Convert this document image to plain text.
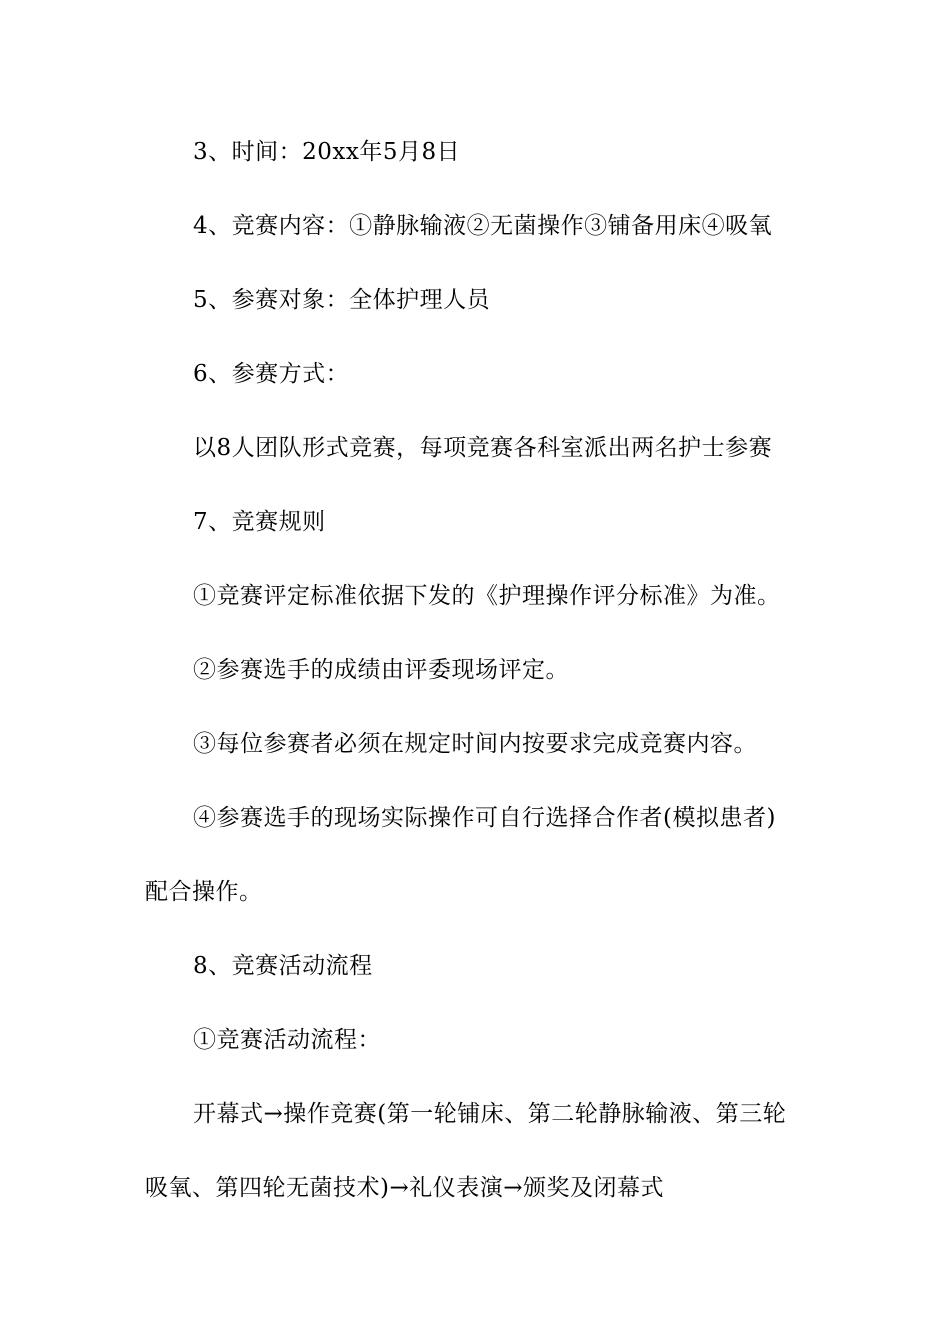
3、时间：20xx年5月8日

4、竞赛内容：①静脉输液②无菌操作③铺备用床④吸氧

5、参赛对象：全体护理人员

6、参赛方式：

以8人团队形式竞赛，每项竞赛各科室派出两名护士参赛

7、竞赛规则

①竞赛评定标准依据下发的《护理操作评分标准》为准。

②参赛选手的成绩由评委现场评定。

③每位参赛者必须在规定时间内按要求完成竞赛内容。

④参赛选手的现场实际操作可自行选择合作者(模拟患者)

配合操作。

8、竞赛活动流程

①竞赛活动流程：

开幕式→操作竞赛(第一轮铺床、第二轮静脉输液、第三轮

吸氧、第四轮无菌技术)→礼仪表演→颁奖及闭幕式
